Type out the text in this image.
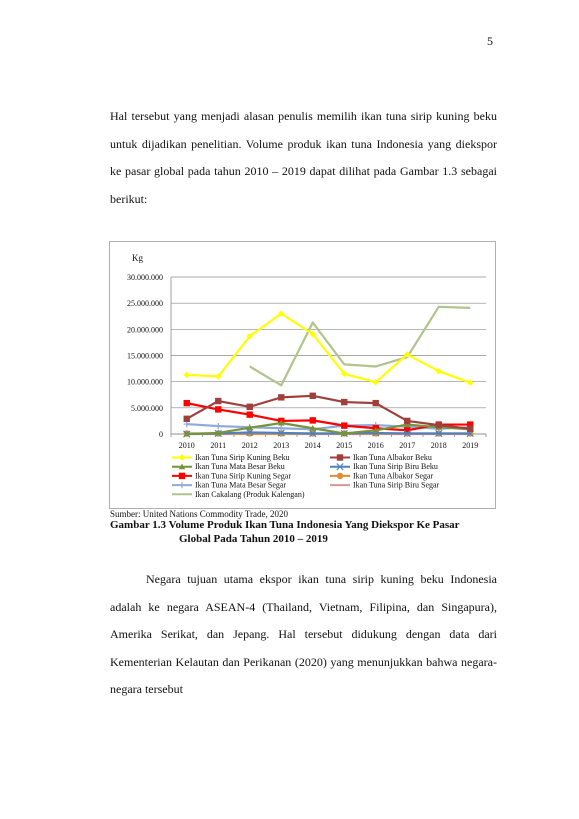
5

Hal tersebut yang menjadi alasan penulis memilih ikan tuna sirip kuning beku untuk dijadikan penelitian. Volume produk ikan tuna Indonesia yang diekspor ke pasar global pada tahun 2010 – 2019 dapat dilihat pada Gambar 1.3 sebagai berikut:

Kg
0
5.000.000
10.000.000
15.000.000
20.000.000
25.000.000
30.000.000
2010 2011 2012 2013 2014 2015 2016 2017 2018 2019
Ikan Tuna Sirip Kuning Beku	Ikan Tuna Albakor Beku
Ikan Tuna Mata Besar Beku	Ikan Tuna Sirip Biru Beku
Ikan Tuna Sirip Kuning Segar	Ikan Tuna Albakor Segar
Ikan Tuna Mata Besar Segar	Ikan Tuna Sirip Biru Segar
Ikan Cakalang (Produk Kalengan)
Sumber: United Nations Commodity Trade, 2020

Gambar 1.3 Volume Produk Ikan Tuna Indonesia Yang Diekspor Ke Pasar
Global Pada Tahun 2010 – 2019

Negara tujuan utama ekspor ikan tuna sirip kuning beku Indonesia adalah ke negara ASEAN-4 (Thailand, Vietnam, Filipina, dan Singapura), Amerika Serikat, dan Jepang. Hal tersebut didukung dengan data dari Kementerian Kelautan dan Perikanan (2020) yang menunjukkan bahwa negara-negara tersebut
